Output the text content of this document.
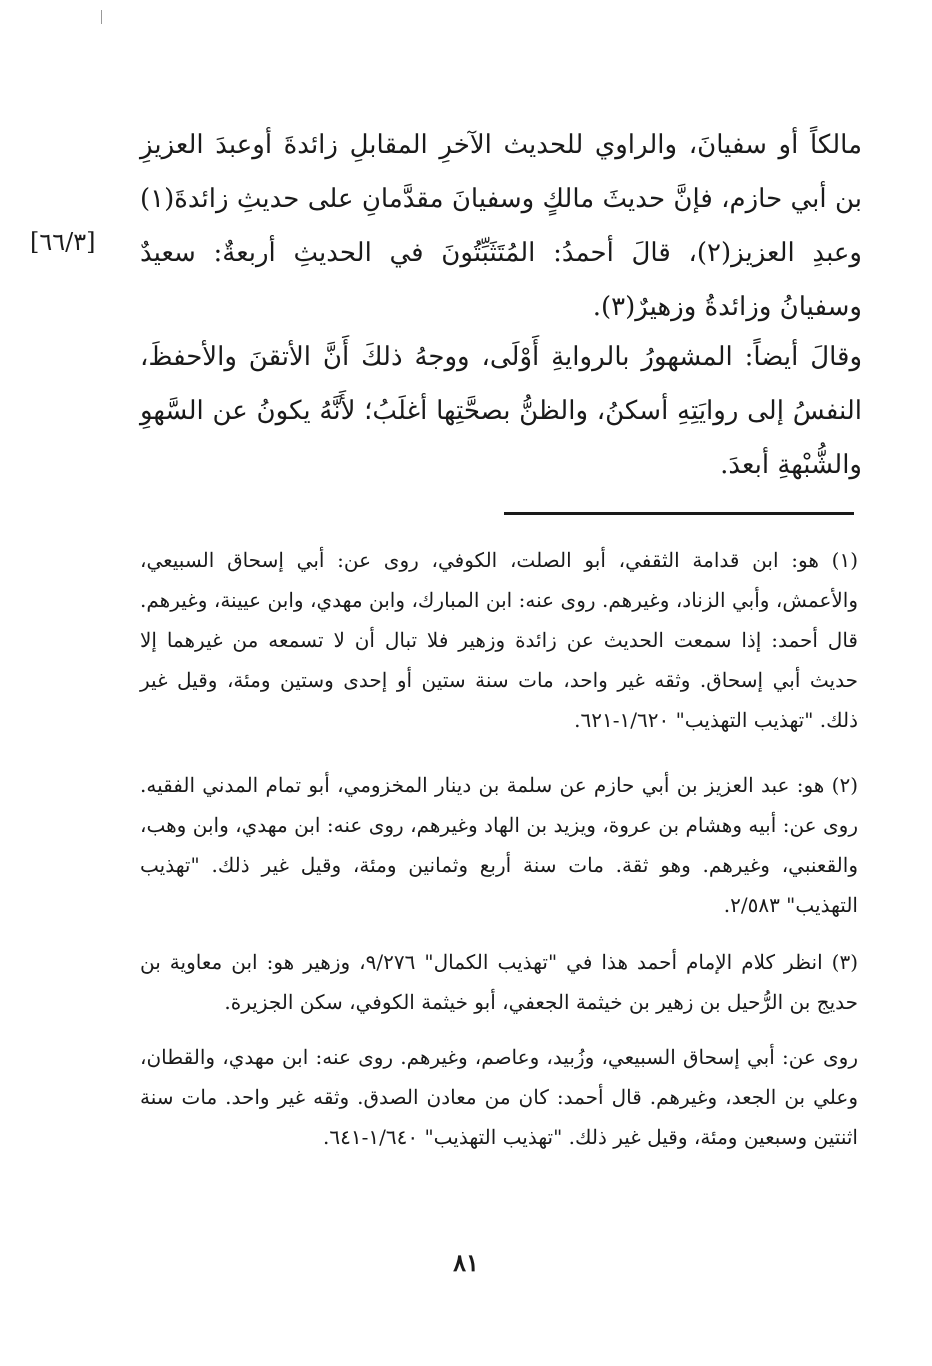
[٦٦/٣]

مالكاً أو سفيانَ، والراوي للحديث الآخرِ المقابلِ زائدةَ أوعبدَ العزيزِ بن أبي حازم، فإنَّ حديثَ مالكٍ وسفيانَ مقدَّمانِ على حديثِ زائدةَ(١) وعبدِ العزيز(٢)، قالَ أحمدُ: المُتَثَبِّتُونَ في الحديثِ أربعةٌ: سعيدٌ وسفيانُ وزائدةُ وزهيرٌ(٣).

وقالَ أيضاً: المشهورُ بالروايةِ أَوْلَى، ووجهُ ذلكَ أَنَّ الأتقنَ والأحفظَ، النفسُ إلى روايَتِهِ أسكنُ، والظنُّ بصحَّتِها أغلَبُ؛ لأَنَّهُ يكونُ عن السَّهوِ والشُّبْهةِ أبعدَ.

(١) هو: ابن قدامة الثقفي، أبو الصلت، الكوفي، روى عن: أبي إسحاق السبيعي، والأعمش، وأبي الزناد، وغيرهم. روى عنه: ابن المبارك، وابن مهدي، وابن عيينة، وغيرهم. قال أحمد: إذا سمعت الحديث عن زائدة وزهير فلا تبال أن لا تسمعه من غيرهما إلا حديث أبي إسحاق. وثقه غير واحد، مات سنة ستين أو إحدى وستين ومئة، وقيل غير ذلك. "تهذيب التهذيب" ١/٦٢٠-٦٢١.

(٢) هو: عبد العزيز بن أبي حازم عن سلمة بن دينار المخزومي، أبو تمام المدني الفقيه. روى عن: أبيه وهشام بن عروة، ويزيد بن الهاد وغيرهم، روى عنه: ابن مهدي، وابن وهب، والقعنبي، وغيرهم. وهو ثقة. مات سنة أربع وثمانين ومئة، وقيل غير ذلك. "تهذيب التهذيب" ٢/٥٨٣.

(٣) انظر كلام الإمام أحمد هذا في "تهذيب الكمال" ٩/٢٧٦، وزهير هو: ابن معاوية بن حديج بن الرُّحيل بن زهير بن خيثمة الجعفي، أبو خيثمة الكوفي، سكن الجزيرة.

روى عن: أبي إسحاق السبيعي، وزُبيد، وعاصم، وغيرهم. روى عنه: ابن مهدي، والقطان، وعلي بن الجعد، وغيرهم. قال أحمد: كان من معادن الصدق. وثقه غير واحد. مات سنة اثنتين وسبعين ومئة، وقيل غير ذلك. "تهذيب التهذيب" ١/٦٤٠-٦٤١.

٨١
